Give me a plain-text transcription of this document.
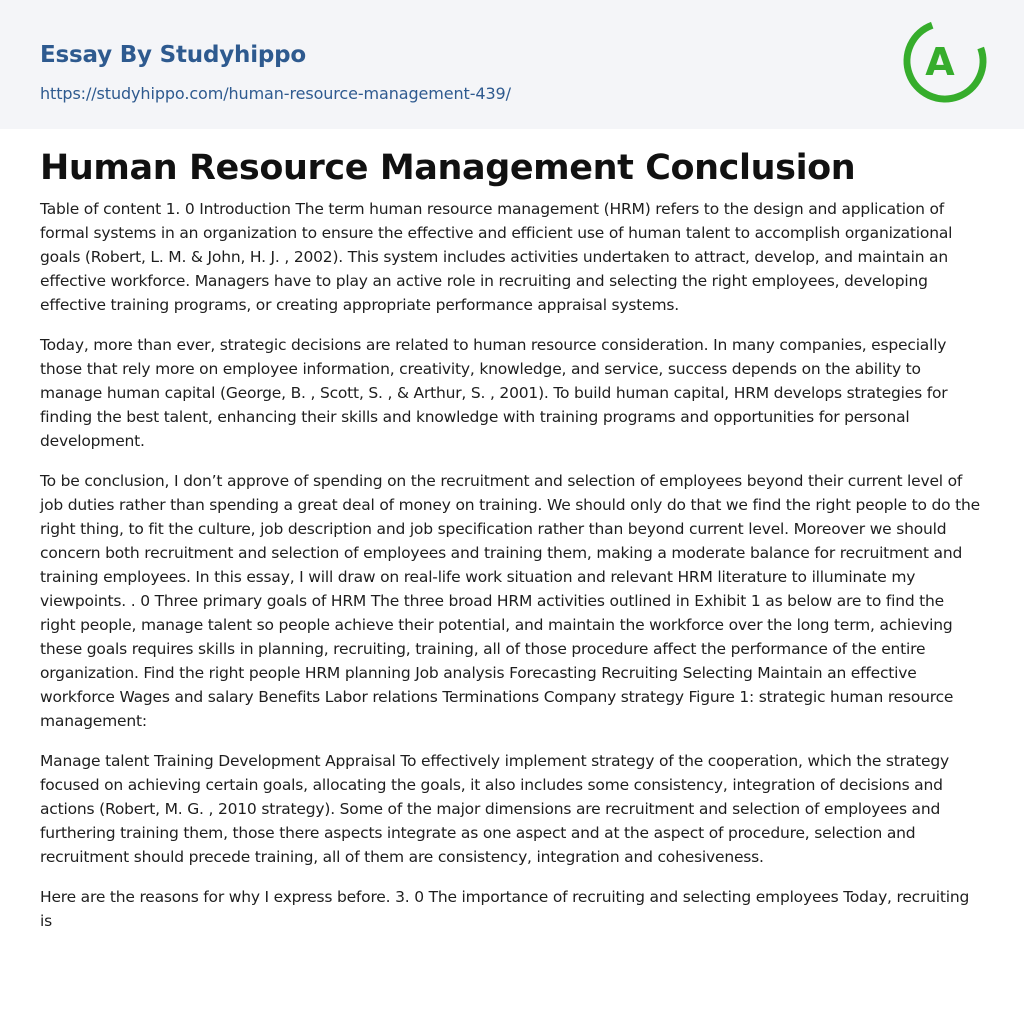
Essay By Studyhippo
https://studyhippo.com/human-resource-management-439/
A
Human Resource Management Conclusion

Table of content 1. 0 Introduction The term human resource management (HRM) refers to the design and application of formal systems in an organization to ensure the effective and efficient use of human talent to accomplish organizational goals (Robert, L. M. & John, H. J. , 2002). This system includes activities undertaken to attract, develop, and maintain an effective workforce. Managers have to play an active role in recruiting and selecting the right employees, developing effective training programs, or creating appropriate performance appraisal systems.

Today, more than ever, strategic decisions are related to human resource consideration. In many companies, especially those that rely more on employee information, creativity, knowledge, and service, success depends on the ability to manage human capital (George, B. , Scott, S. , & Arthur, S. , 2001). To build human capital, HRM develops strategies for finding the best talent, enhancing their skills and knowledge with training programs and opportunities for personal development.

To be conclusion, I don’t approve of spending on the recruitment and selection of employees beyond their current level of job duties rather than spending a great deal of money on training. We should only do that we find the right people to do the right thing, to fit the culture, job description and job specification rather than beyond current level. Moreover we should concern both recruitment and selection of employees and training them, making a moderate balance for recruitment and training employees. In this essay, I will draw on real-life work situation and relevant HRM literature to illuminate my viewpoints. . 0 Three primary goals of HRM The three broad HRM activities outlined in Exhibit 1 as below are to find the right people, manage talent so people achieve their potential, and maintain the workforce over the long term, achieving these goals requires skills in planning, recruiting, training, all of those procedure affect the performance of the entire organization. Find the right people HRM planning Job analysis Forecasting Recruiting Selecting Maintain an effective workforce Wages and salary Benefits Labor relations Terminations Company strategy Figure 1: strategic human resource management:

Manage talent Training Development Appraisal To effectively implement strategy of the cooperation, which the strategy focused on achieving certain goals, allocating the goals, it also includes some consistency, integration of decisions and actions (Robert, M. G. , 2010 strategy). Some of the major dimensions are recruitment and selection of employees and furthering training them, those there aspects integrate as one aspect and at the aspect of procedure, selection and recruitment should precede training, all of them are consistency, integration and cohesiveness.

Here are the reasons for why I express before. 3. 0 The importance of recruiting and selecting employees Today, recruiting is
